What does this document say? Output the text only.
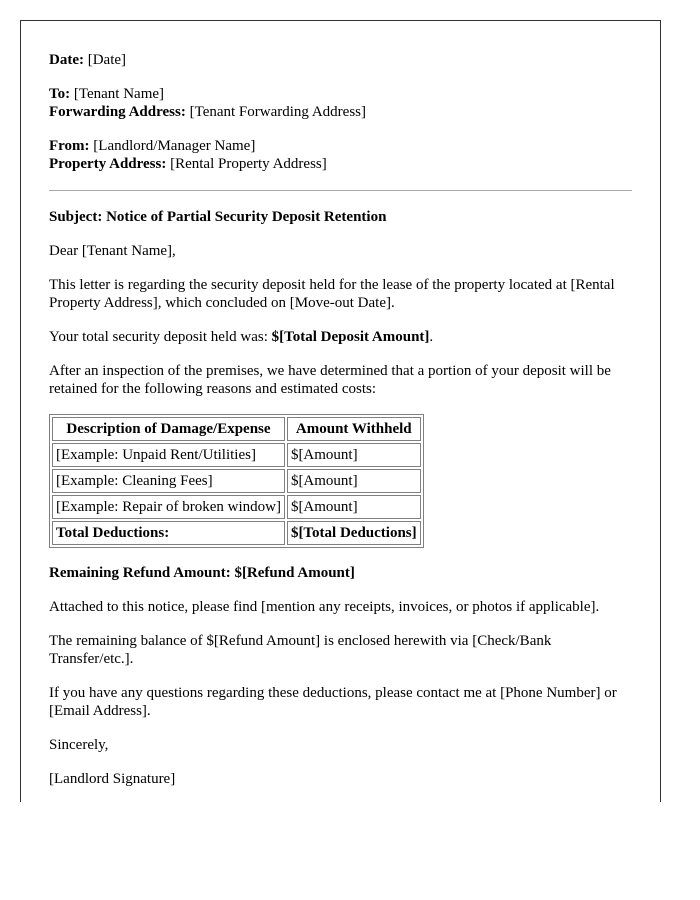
Date: [Date]

To: [Tenant Name]
Forwarding Address: [Tenant Forwarding Address]

From: [Landlord/Manager Name]
Property Address: [Rental Property Address]

Subject: Notice of Partial Security Deposit Retention

Dear [Tenant Name],

This letter is regarding the security deposit held for the lease of the property located at [Rental Property Address], which concluded on [Move-out Date].

Your total security deposit held was: $[Total Deposit Amount].

After an inspection of the premises, we have determined that a portion of your deposit will be retained for the following reasons and estimated costs:

Description of Damage/Expense	Amount Withheld
[Example: Unpaid Rent/Utilities]	$[Amount]
[Example: Cleaning Fees]	$[Amount]
[Example: Repair of broken window]	$[Amount]
Total Deductions:	$[Total Deductions]

Remaining Refund Amount: $[Refund Amount]

Attached to this notice, please find [mention any receipts, invoices, or photos if applicable].

The remaining balance of $[Refund Amount] is enclosed herewith via [Check/Bank Transfer/etc.].

If you have any questions regarding these deductions, please contact me at [Phone Number] or [Email Address].

Sincerely,

[Landlord Signature]
